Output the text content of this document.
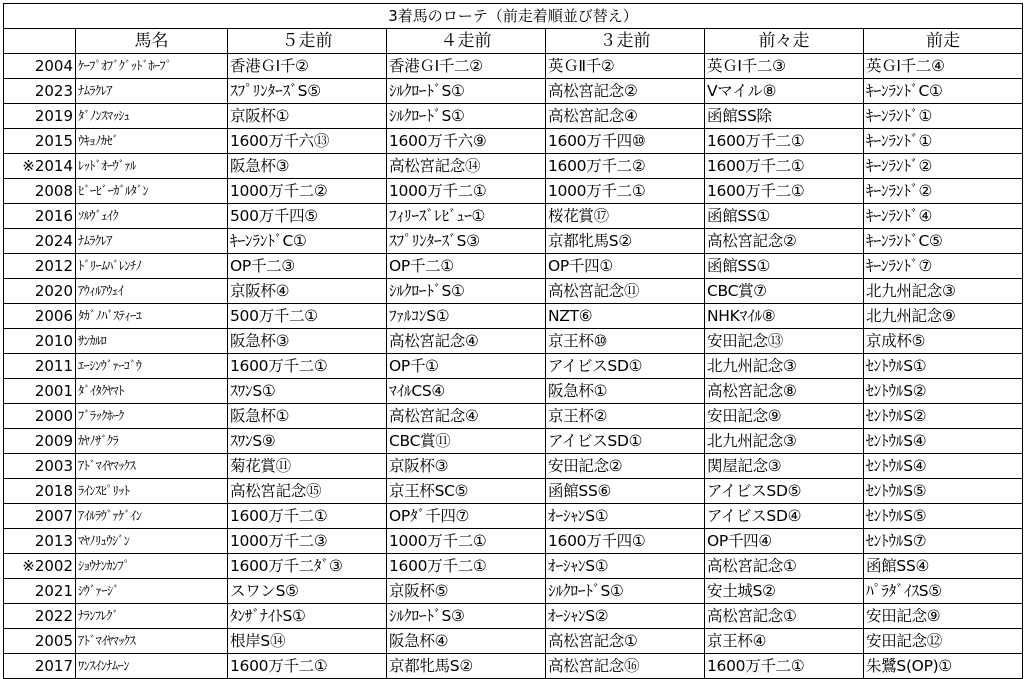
3着馬のローテ（前走着順並び替え）						
	馬名	５走前	４走前	３走前	前々走	前走
2004	ｹｰﾌﾟｵﾌﾞｸﾞｯﾄﾞﾎｰﾌﾟ	香港ＧⅠ千②	香港ＧⅠ千二②	英ＧⅡ千②	英ＧⅠ千二③	英ＧⅠ千二④
2023	ﾅﾑﾗｸﾚｱ	ｽﾌﾟﾘﾝﾀｰｽﾞS⑤	ｼﾙｸﾛｰﾄﾞS①	高松宮記念②	Vマイル⑧	ｷｰﾝﾗﾝﾄﾞC①
2019	ﾀﾞﾉﾝｽﾏｯｼｭ	京阪杯①	ｼﾙｸﾛｰﾄﾞS①	高松宮記念④	函館SS除	ｷｰﾝﾗﾝﾄﾞ①
2015	ｳｷｮﾉｶｾﾞ	1600万千六⑬	1600万千六⑨	1600万千四⑩	1600万千二①	ｷｰﾝﾗﾝﾄﾞ①
※2014	ﾚｯﾄﾞｵｰｳﾞｧﾙ	阪急杯③	高松宮記念⑭	1600万千二②	1600万千二①	ｷｰﾝﾗﾝﾄﾞ②
2008	ﾋﾞｰﾋﾞｰｶﾞﾙﾀﾞﾝ	1000万千二②	1000万千二①	1000万千二①	1600万千二①	ｷｰﾝﾗﾝﾄﾞ②
2016	ｿﾙｳﾞｪｲｸ	500万千四⑤	ﾌｨﾘｰｽﾞﾚﾋﾞｭｰ①	桜花賞⑰	函館SS①	ｷｰﾝﾗﾝﾄﾞ④
2024	ﾅﾑﾗｸﾚｱ	ｷｰﾝﾗﾝﾄﾞC①	ｽﾌﾟﾘﾝﾀｰｽﾞS③	京都牝馬S②	高松宮記念②	ｷｰﾝﾗﾝﾄﾞC⑤
2012	ﾄﾞﾘｰﾑﾊﾞﾚﾝﾁﾉ	OP千二③	OP千二①	OP千四①	函館SS①	ｷｰﾝﾗﾝﾄﾞ⑦
2020	ｱｳｨﾙｱｳｪｲ	京阪杯④	ｼﾙｸﾛｰﾄﾞS①	高松宮記念⑪	CBC賞⑦	北九州記念③
2006	ﾀｶﾞﾉﾊﾞｽﾃｨｰﾕ	500万千二①	ﾌｧﾙｺﾝS①	NZT⑥	NHKﾏｲﾙ⑧	北九州記念⑨
2010	ｻﾝｶﾙﾛ	阪急杯③	高松宮記念④	京王杯⑩	安田記念⑬	京成杯⑤
2011	ｴｰｼﾝｳﾞｧｰｺﾞｳ	1600万千二①	OP千①	アイビスSD①	北九州記念③	ｾﾝﾄｳﾙS①
2001	ﾀﾞｲﾀｸﾔﾏﾄ	ｽﾜﾝS①	ﾏｲﾙCS④	阪急杯①	高松宮記念⑧	ｾﾝﾄｳﾙS②
2000	ﾌﾞﾗｯｸﾎｰｸ	阪急杯①	高松宮記念④	京王杯②	安田記念⑨	ｾﾝﾄｳﾙS②
2009	ｶﾔﾉｻﾞｸﾗ	ｽﾜﾝS⑨	CBC賞⑪	アイビスSD①	北九州記念③	ｾﾝﾄｳﾙS④
2003	ｱﾄﾞﾏｲﾔﾏｯｸｽ	菊花賞⑪	京阪杯③	安田記念②	関屋記念③	ｾﾝﾄｳﾙS④
2018	ﾗｲﾝｽﾋﾟﾘｯﾄ	高松宮記念⑮	京王杯SC⑤	函館SS⑥	アイビスSD⑤	ｾﾝﾄｳﾙS⑤
2007	ｱｲﾙﾗｳﾞｧｹﾞｲﾝ	1600万千二①	OPﾀﾞ千四⑦	ｵｰｼｬﾝS①	アイビスSD④	ｾﾝﾄｳﾙS⑤
2013	ﾏﾔﾉﾘｭｳｼﾞﾝ	1000万千二③	1000万千二①	1600万千四①	OP千四④	ｾﾝﾄｳﾙS⑦
※2002	ｼｮｳﾅﾝｶﾝﾌﾟ	1600万千二ﾀﾞ③	1600万千二①	ｵｰｼｬﾝS①	高松宮記念①	函館SS④
2021	ｼｳﾞｧｰｼﾞ	スワンS⑤	京阪杯⑤	ｼﾙｸﾛｰﾄﾞS①	安土城S②	ﾊﾟﾗﾀﾞｲｽS⑤
2022	ﾅﾗﾝﾌﾚｸﾞ	ﾀﾝｻﾞﾅｲﾄS①	ｼﾙｸﾛｰﾄﾞS③	ｵｰｼｬﾝS②	高松宮記念①	安田記念⑨
2005	ｱﾄﾞﾏｲﾔﾏｯｸｽ	根岸S⑭	阪急杯④	高松宮記念①	京王杯④	安田記念⑫
2017	ﾜﾝｽｲﾝﾅﾑｰﾝ	1600万千二①	京都牝馬S②	高松宮記念⑯	1600万千二①	朱鷺S(OP)①
